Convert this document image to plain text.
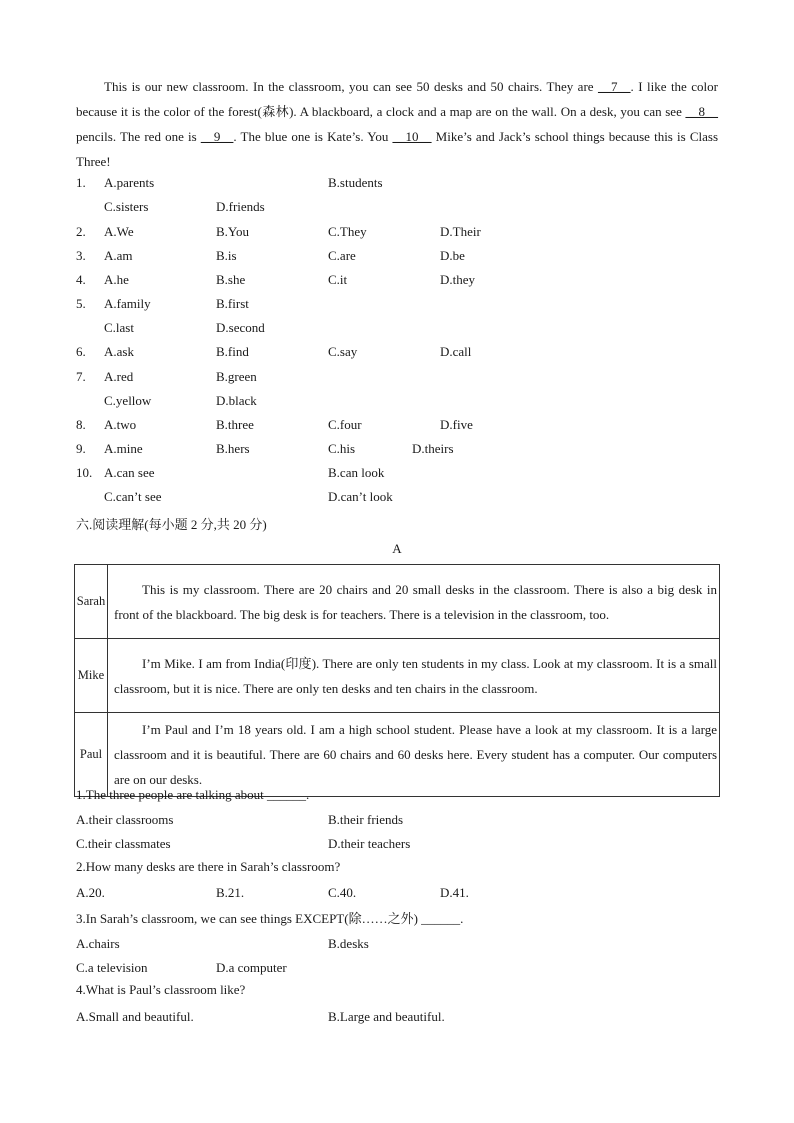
This is our new classroom. In the classroom, you can see 50 desks and 50 chairs. They are __7__. I like the color because it is the color of the forest(森林). A blackboard, a clock and a map are on the wall. On a desk, you can see __8__ pencils. The red one is __9__. The blue one is Kate’s. You __10__ Mike’s and Jack’s school things because this is Class Three!

1. A.parents	B.students
C.sisters	D.friends
2. A.We	B.You	C.They	D.Their
3. A.am	B.is	C.are	D.be
4. A.he	B.she	C.it	D.they
5. A.family	B.first
C.last	D.second
6. A.ask	B.find	C.say	D.call
7. A.red	B.green
C.yellow	D.black
8. A.two	B.three	C.four	D.five
9. A.mine	B.hers	C.his	D.theirs
10. A.can see	B.can look
C.can’t see	D.can’t look
六.阅读理解(每小题 2 分,共 20 分)
A
Sarah	This is my classroom. There are 20 chairs and 20 small desks in the classroom. There is also a big desk in front of the blackboard. The big desk is for teachers. There is a television in the classroom, too.

Mike	I’m Mike. I am from India(印度). There are only ten students in my class. Look at my classroom. It is a small classroom, but it is nice. There are only ten desks and ten chairs in the classroom.

Paul	I’m Paul and I’m 18 years old. I am a high school student. Please have a look at my classroom. It is a large classroom and it is beautiful. There are 60 chairs and 60 desks here. Every student has a computer. Our computers are on our desks.

1.The three people are talking about ______.
A.their classrooms	B.their friends
C.their classmates	D.their teachers
2.How many desks are there in Sarah’s classroom?
A.20.	B.21.	C.40.	D.41.
3.In Sarah’s classroom, we can see things EXCEPT(除……之外) ______.
A.chairs	B.desks
C.a television	D.a computer
4.What is Paul’s classroom like?
A.Small and beautiful.	B.Large and beautiful.
